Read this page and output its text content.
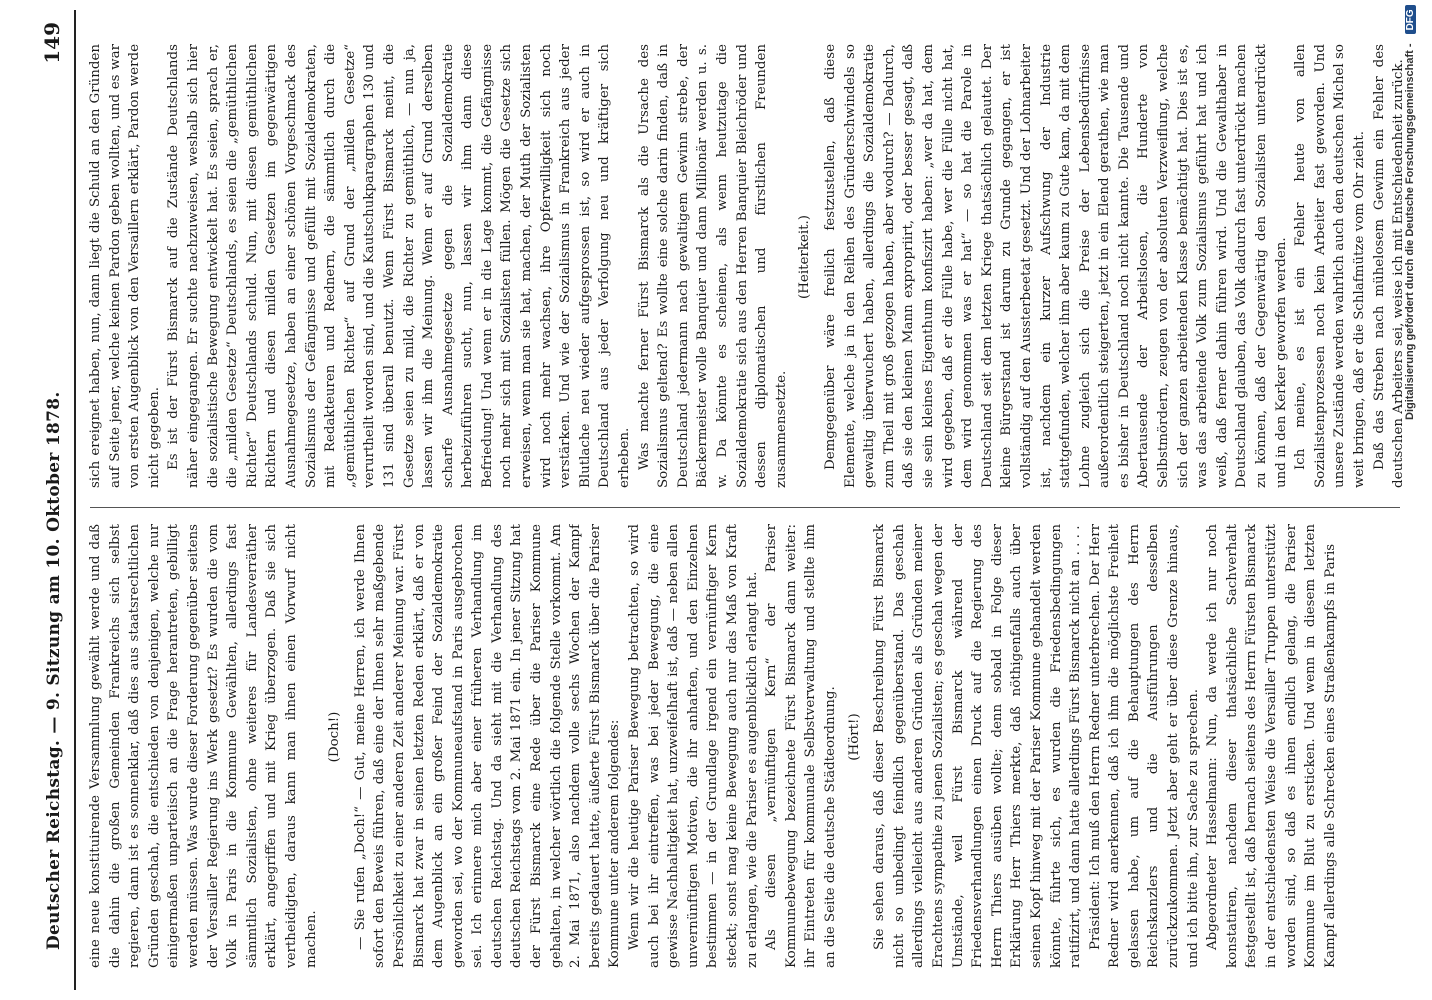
Deutscher Reichstag. — 9. Sitzung am 10. Oktober 1878.
149

eine neue konstituirende Versammlung gewählt werde und daß die dahin die großen Gemeinden Frankreichs sich selbst regieren, dann ist es sonnenklar, daß dies aus staatsrechtlichen Gründen geschah, die entschieden von denjenigen, welche nur einigermaßen unparteiisch an die Frage herantreten, gebilligt werden müssen. Was wurde dieser Forderung gegenüber seitens der Versailler Regierung ins Werk gesetzt? Es wurden die vom Volk in Paris in die Kommune Gewählten, allerdings fast sämmtlich Sozialisten, ohne weiteres für Landesverräther erklärt, angegriffen und mit Krieg überzogen. Daß sie sich vertheidigten, daraus kann man ihnen einen Vorwurf nicht machen.

(Doch!) — Sie rufen „Doch!“ — Gut, meine Herren, ich werde Ihnen sofort den Beweis führen, daß eine der Ihnen sehr maßgebende Persönlichkeit zu einer anderen Zeit anderer Meinung war. Fürst Bismarck hat zwar in seinen letzten Reden erklärt, daß er von dem Augenblick an ein großer Feind der Sozialdemokratie geworden sei, wo der Kommuneaufstand in Paris ausgebrochen sei. Ich erinnere mich aber einer früheren Verhandlung im deutschen Reichstag. Und da sieht mit die Verhandlung des deutschen Reichstags vom 2. Mai 1871 ein. In jener Sitzung hat der Fürst Bismarck eine Rede über die Pariser Kommune gehalten, in welcher wörtlich die folgende Stelle vorkommt. Am 2. Mai 1871, also nachdem volle sechs Wochen der Kampf bereits gedauert hatte, äußerte Fürst Bismarck über die Pariser Kommune unter anderem folgendes: Wenn wir die heutige Pariser Bewegung betrachten, so wird auch bei ihr eintreffen, was bei jeder Bewegung, die eine gewisse Nachhaltigkeit hat, unzweifelhaft ist, daß — neben allen unvernünftigen Motiven, die ihr anhaften, und den Einzelnen bestimmen — in der Grundlage irgend ein vernünftiger Kern steckt; sonst mag keine Bewegung auch nur das Maß von Kraft zu erlangen, wie die Pariser es augenblicklich erlangt hat. Als diesen „vernünftigen Kern“ der Pariser Kommunebewegung bezeichnete Fürst Bismarck dann weiter: ihr Eintreten für kommunale Selbstverwaltung und stellte ihm an die Seite die deutsche Städteordnung. (Hört!) Sie sehen daraus, daß dieser Beschreibung Fürst Bismarck nicht so unbedingt feindlich gegenüberstand. Das geschah allerdings vielleicht aus anderen Gründen als Gründen meiner Erachtens sympathie zu jenen Sozialisten; es geschah wegen der Umstände, weil Fürst Bismarck während der Friedensverhandlungen einen Druck auf die Regierung des Herrn Thiers ausüben wollte; denn sobald in Folge dieser Erklärung Herr Thiers merkte, daß nöthigenfalls auch über seinen Kopf hinweg mit der Pariser Kommune gehandelt werden könnte, führte sich, es wurden die Friedensbedingungen ratifizirt, und dann hatte allerdings Fürst Bismarck nicht an . . . . Präsident: Ich muß den Herrn Redner unterbrechen. Der Herr Redner wird anerkennen, daß ich ihm die möglichste Freiheit gelassen habe, um auf die Behauptungen des Herrn Reichskanzlers und die Ausführungen desselben zurückzukommen. Jetzt aber geht er über diese Grenze hinaus, und ich bitte ihn, zur Sache zu sprechen. Abgeordneter Hasselmann: Nun, da werde ich nur noch konstatiren, nachdem dieser thatsächliche Sachverhalt festgestellt ist, daß hernach seitens des Herrn Fürsten Bismarck in der entschiedensten Weise die Versailler Truppen unterstützt worden sind, so daß es ihnen endlich gelang, die Pariser Kommune im Blut zu ersticken. Und wenn in diesem letzten Kampf allerdings alle Schrecken eines Straßenkampfs in Paris

sich ereignet haben, nun, dann liegt die Schuld an den Gründen auf Seite jener, welche keinen Pardon geben wollten, und es war von ersten Augenblick von den Versaillern erklärt, Pardon werde nicht gegeben. Es ist der Fürst Bismarck auf die Zustände Deutschlands näher eingegangen. Er suchte nachzuweisen, weshalb sich hier die sozialistische Bewegung entwickelt hat. Es seien, sprach er, die „milden Gesetze“ Deutschlands, es seien die „gemüthlichen Richter“ Deutschlands schuld. Nun, mit diesen gemüthlichen Richtern und diesen milden Gesetzen im gegenwärtigen Ausnahmegesetze, haben an einer schönen Vorgeschmack des Sozialismus der Gefängnisse und gefüllt mit Sozialdemokraten, mit Redakteuren und Rednern, die sämmtlich durch die „gemüthlichen Richter“ auf Grund der „milden Gesetze“ verurtheilt worden sind, und die Kautschukparagraphen 130 und 131 sind überall benutzt. Wenn Fürst Bismarck meint, die Gesetze seien zu mild, die Richter zu gemüthlich, — nun ja, lassen wir ihm die Meinung. Wenn er auf Grund derselben scharfe Ausnahmegesetze gegen die Sozialdemokratie herbeizuführen sucht, nun, lassen wir ihm dann diese Befriedung! Und wenn er in die Lage kommt, die Gefängnisse noch mehr sich mit Sozialisten füllen. Mögen die Gesetze sich erweisen, wenn man sie hat, machen, der Muth der Sozialisten wird noch mehr wachsen, ihre Opferwilligkeit sich noch verstärken. Und wie der Sozialismus in Frankreich aus jeder Blutlache neu wieder aufgesprossen ist, so wird er auch in Deutschland aus jeder Verfolgung neu und kräftiger sich erheben. Was machte ferner Fürst Bismarck als die Ursache des Sozialismus geltend? Es wollte eine solche darin finden, daß in Deutschland jedermann nach gewaltigem Gewinn strebe, der Bäckermeister wolle Banquier und dann Millionär werden u. s. w. Da könnte es scheinen, als wenn heutzutage die Sozialdemokratie sich aus den Herren Banquier Bleichröder und dessen diplomatischen und fürstlichen Freunden zusammensetzte.

(Heiterkeit.) Demgegenüber wäre freilich festzustellen, daß diese Elemente, welche ja in den Reihen des Gründerschwindels so gewaltig überwuchert haben, allerdings die Sozialdemokratie zum Theil mit groß gezogen haben, aber wodurch? — Dadurch, daß sie den kleinen Mann expropriirt, oder besser gesagt, daß sie sein kleines Eigenthum konfiszirt haben: „wer da hat, dem wird gegeben, daß er die Fülle habe, wer die Fülle nicht hat, dem wird genommen was er hat“ — so hat die Parole in Deutschland seit dem letzten Kriege thatsächlich gelautet. Der kleine Bürgerstand ist darum zu Grunde gegangen, er ist vollständig auf den Aussterbeetat gesetzt. Und der Lohnarbeiter ist, nachdem ein kurzer Aufschwung der Industrie stattgefunden, welcher ihm aber kaum zu Gute kam, da mit dem Lohne zugleich sich die Preise der Lebensbedürfnisse außerordentlich steigerten, jetzt in ein Elend gerathen, wie man es bisher in Deutschland noch nicht kannte. Die Tausende und Abertausende der Arbeitslosen, die Hunderte von Selbstmördern, zeugen von der absoluten Verzweiflung, welche sich der ganzen arbeitenden Klasse bemächtigt hat. Dies ist es, was das arbeitende Volk zum Sozialismus geführt hat und ich weiß, daß ferner dahin führen wird. Und die Gewalthaber in Deutschland glauben, das Volk dadurch fast unterdrückt machen zu können, daß der Gegenwärtig den Sozialisten unterdrückt und in den Kerker geworfen werden. Ich meine, es ist ein Fehler heute von allen Sozialistenprozessen noch kein Arbeiter fast geworden. Und unsere Zustände werden wahrlich auch den deutschen Michel so weit bringen, daß er die Schlafmütze vom Ohr zieht. Daß das Streben nach mühelosem Gewinn ein Fehler des deutschen Arbeiters sei, weise ich mit Entschiedenheit zurück.

Digitalisierung gefördert durch die Deutsche Forschungsgemeinschaft - DFG
